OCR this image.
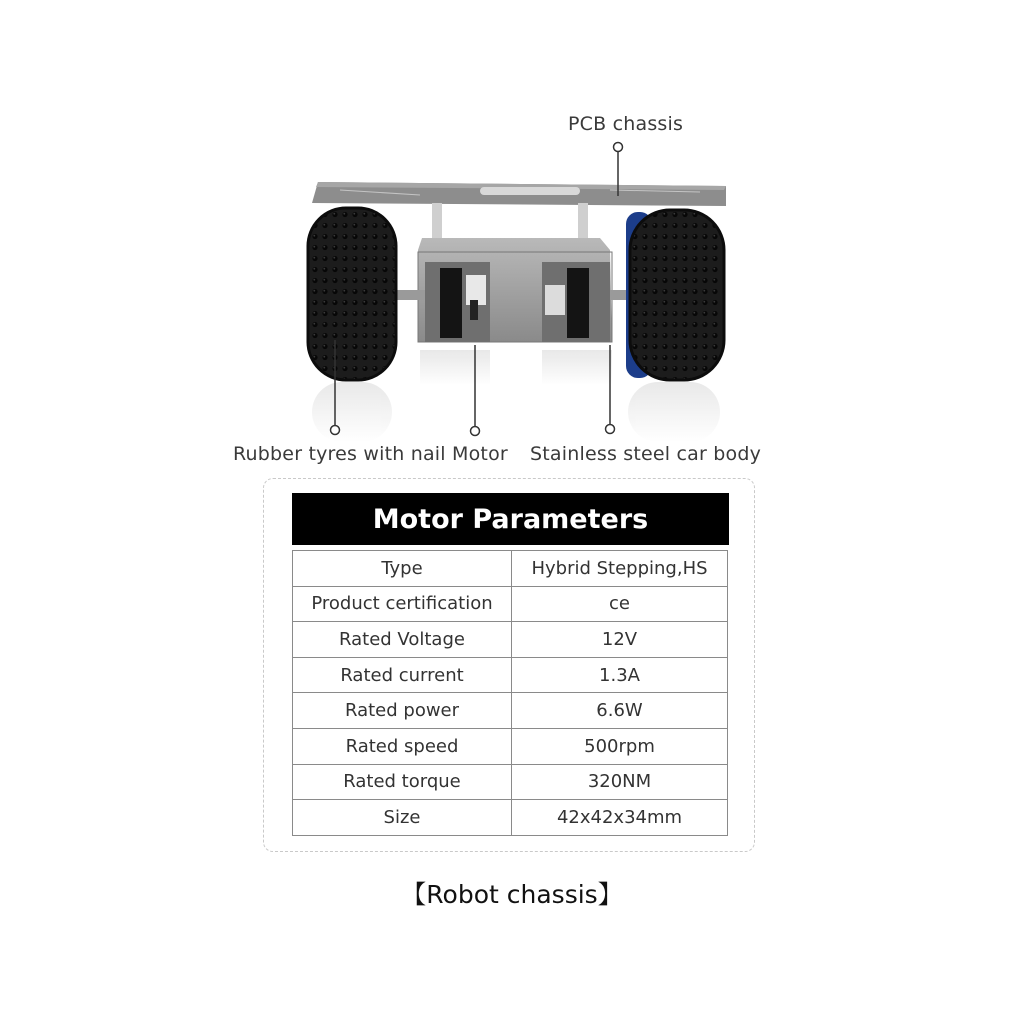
PCB chassis
Rubber tyres with nail Motor Stainless steel car body
Motor Parameters
Type	Hybrid Stepping,HS
Product certification	ce
Rated Voltage	12V
Rated current	1.3A
Rated power	6.6W
Rated speed	500rpm
Rated torque	320NM
Size	42x42x34mm
【Robot chassis】
